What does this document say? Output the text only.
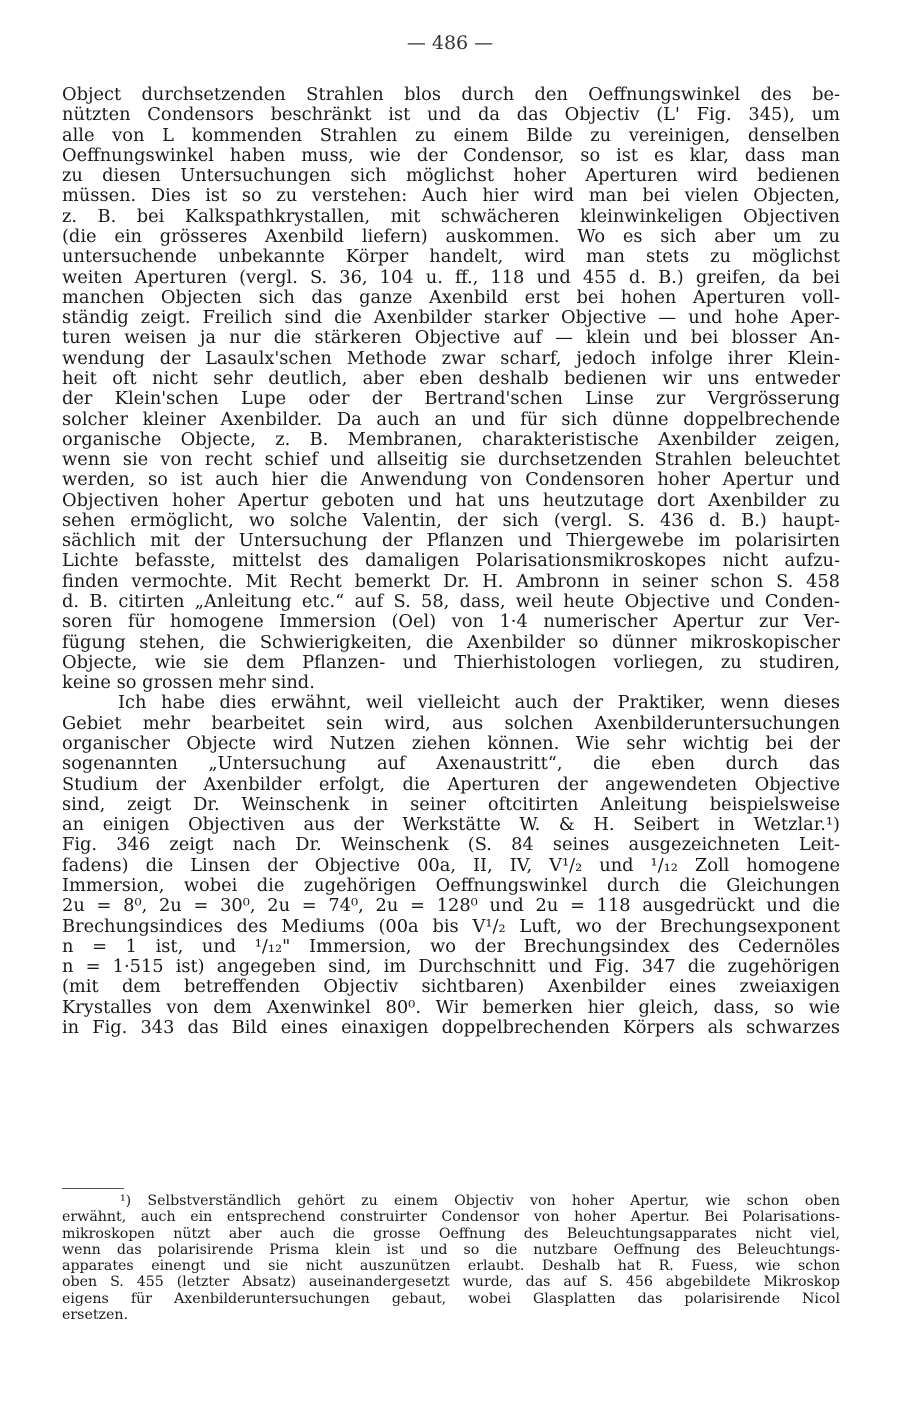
— 486 —

Object durchsetzenden Strahlen blos durch den Oeffnungswinkel des be-
nützten Condensors beschränkt ist und da das Objectiv (L' Fig. 345), um
alle von L kommenden Strahlen zu einem Bilde zu vereinigen, denselben
Oeffnungswinkel haben muss, wie der Condensor, so ist es klar, dass man
zu diesen Untersuchungen sich möglichst hoher Aperturen wird bedienen
müssen. Dies ist so zu verstehen: Auch hier wird man bei vielen Objecten,
z. B. bei Kalkspathkrystallen, mit schwächeren kleinwinkeligen Objectiven
(die ein grösseres Axenbild liefern) auskommen. Wo es sich aber um zu
untersuchende unbekannte Körper handelt, wird man stets zu möglichst
weiten Aperturen (vergl. S. 36, 104 u. ff., 118 und 455 d. B.) greifen, da bei
manchen Objecten sich das ganze Axenbild erst bei hohen Aperturen voll-
ständig zeigt. Freilich sind die Axenbilder starker Objective — und hohe Aper-
turen weisen ja nur die stärkeren Objective auf — klein und bei blosser An-
wendung der Lasaulx'schen Methode zwar scharf, jedoch infolge ihrer Klein-
heit oft nicht sehr deutlich, aber eben deshalb bedienen wir uns entweder
der Klein'schen Lupe oder der Bertrand'schen Linse zur Vergrösserung
solcher kleiner Axenbilder. Da auch an und für sich dünne doppelbrechende
organische Objecte, z. B. Membranen, charakteristische Axenbilder zeigen,
wenn sie von recht schief und allseitig sie durchsetzenden Strahlen beleuchtet
werden, so ist auch hier die Anwendung von Condensoren hoher Apertur und
Objectiven hoher Apertur geboten und hat uns heutzutage dort Axenbilder zu
sehen ermöglicht, wo solche Valentin, der sich (vergl. S. 436 d. B.) haupt-
sächlich mit der Untersuchung der Pflanzen und Thiergewebe im polarisirten
Lichte befasste, mittelst des damaligen Polarisationsmikroskopes nicht aufzu-
finden vermochte. Mit Recht bemerkt Dr. H. Ambronn in seiner schon S. 458
d. B. citirten „Anleitung etc.“ auf S. 58, dass, weil heute Objective und Conden-
soren für homogene Immersion (Oel) von 1·4 numerischer Apertur zur Ver-
fügung stehen, die Schwierigkeiten, die Axenbilder so dünner mikroskopischer
Objecte, wie sie dem Pflanzen- und Thierhistologen vorliegen, zu studiren,
keine so grossen mehr sind.
Ich habe dies erwähnt, weil vielleicht auch der Praktiker, wenn dieses
Gebiet mehr bearbeitet sein wird, aus solchen Axenbilderuntersuchungen
organischer Objecte wird Nutzen ziehen können. Wie sehr wichtig bei der
sogenannten „Untersuchung auf Axenaustritt“, die eben durch das
Studium der Axenbilder erfolgt, die Aperturen der angewendeten Objective
sind, zeigt Dr. Weinschenk in seiner oftcitirten Anleitung beispielsweise
an einigen Objectiven aus der Werkstätte W. & H. Seibert in Wetzlar.¹)
Fig. 346 zeigt nach Dr. Weinschenk (S. 84 seines ausgezeichneten Leit-
fadens) die Linsen der Objective 00a, II, IV, V¹/₂ und ¹/₁₂ Zoll homogene
Immersion, wobei die zugehörigen Oeffnungswinkel durch die Gleichungen
2u = 8⁰, 2u = 30⁰, 2u = 74⁰, 2u = 128⁰ und 2u = 118 ausgedrückt und die
Brechungsindices des Mediums (00a bis V¹/₂ Luft, wo der Brechungsexponent
n = 1 ist, und ¹/₁₂" Immersion, wo der Brechungsindex des Cedernöles
n = 1·515 ist) angegeben sind, im Durchschnitt und Fig. 347 die zugehörigen
(mit dem betreffenden Objectiv sichtbaren) Axenbilder eines zweiaxigen
Krystalles von dem Axenwinkel 80⁰. Wir bemerken hier gleich, dass, so wie
in Fig. 343 das Bild eines einaxigen doppelbrechenden Körpers als schwarzes
¹) Selbstverständlich gehört zu einem Objectiv von hoher Apertur, wie schon oben
erwähnt, auch ein entsprechend construirter Condensor von hoher Apertur. Bei Polarisations-
mikroskopen nützt aber auch die grosse Oeffnung des Beleuchtungsapparates nicht viel,
wenn das polarisirende Prisma klein ist und so die nutzbare Oeffnung des Beleuchtungs-
apparates einengt und sie nicht auszunützen erlaubt. Deshalb hat R. Fuess, wie schon
oben S. 455 (letzter Absatz) auseinandergesetzt wurde, das auf S. 456 abgebildete Mikroskop
eigens für Axenbilderuntersuchungen gebaut, wobei Glasplatten das polarisirende Nicol
ersetzen.
